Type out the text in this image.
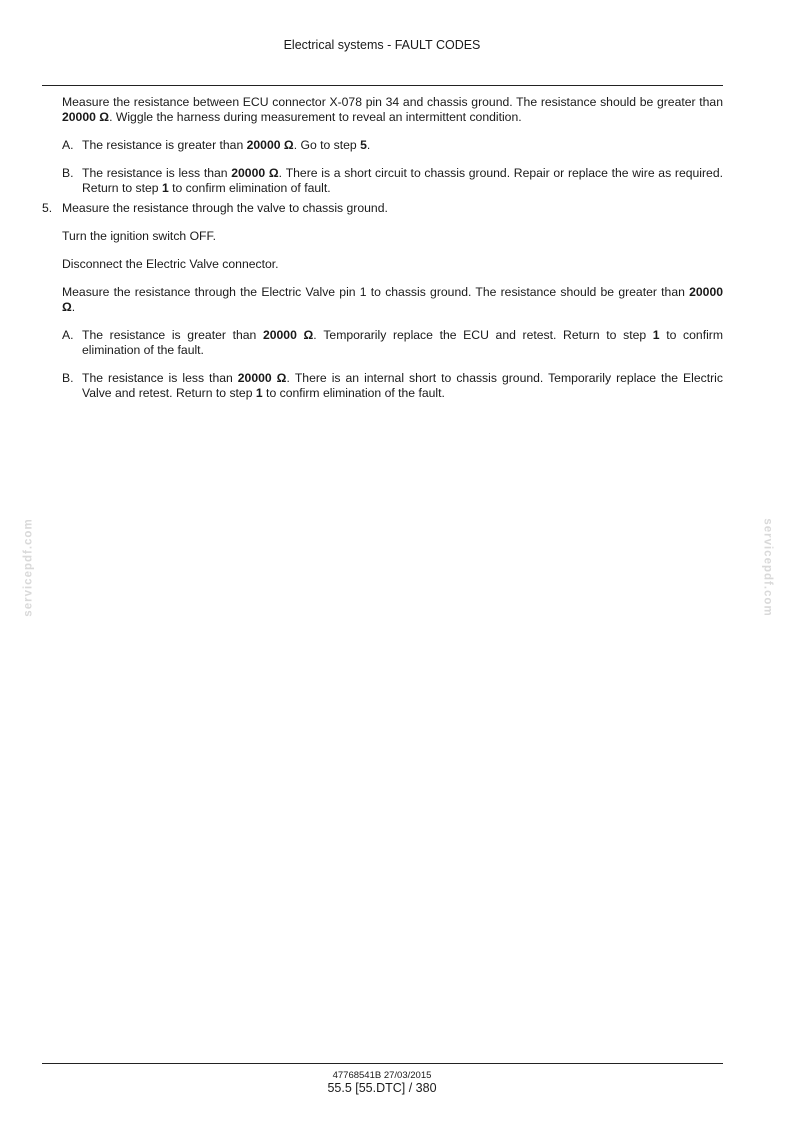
Electrical systems - FAULT CODES

Measure the resistance between ECU connector X-078 pin 34 and chassis ground. The resistance should be greater than 20000 Ω. Wiggle the harness during measurement to reveal an intermittent condition.

A. The resistance is greater than 20000 Ω. Go to step 5.
B. The resistance is less than 20000 Ω. There is a short circuit to chassis ground. Repair or replace the wire as required. Return to step 1 to confirm elimination of fault.

5. Measure the resistance through the valve to chassis ground.

Turn the ignition switch OFF.

Disconnect the Electric Valve connector.

Measure the resistance through the Electric Valve pin 1 to chassis ground. The resistance should be greater than 20000 Ω.

A. The resistance is greater than 20000 Ω. Temporarily replace the ECU and retest. Return to step 1 to confirm elimination of the fault.
B. The resistance is less than 20000 Ω. There is an internal short to chassis ground. Temporarily replace the Electric Valve and retest. Return to step 1 to confirm elimination of the fault.
servicepdf.com	servicepdf.com
47768541B 27/03/2015
55.5 [55.DTC] / 380
